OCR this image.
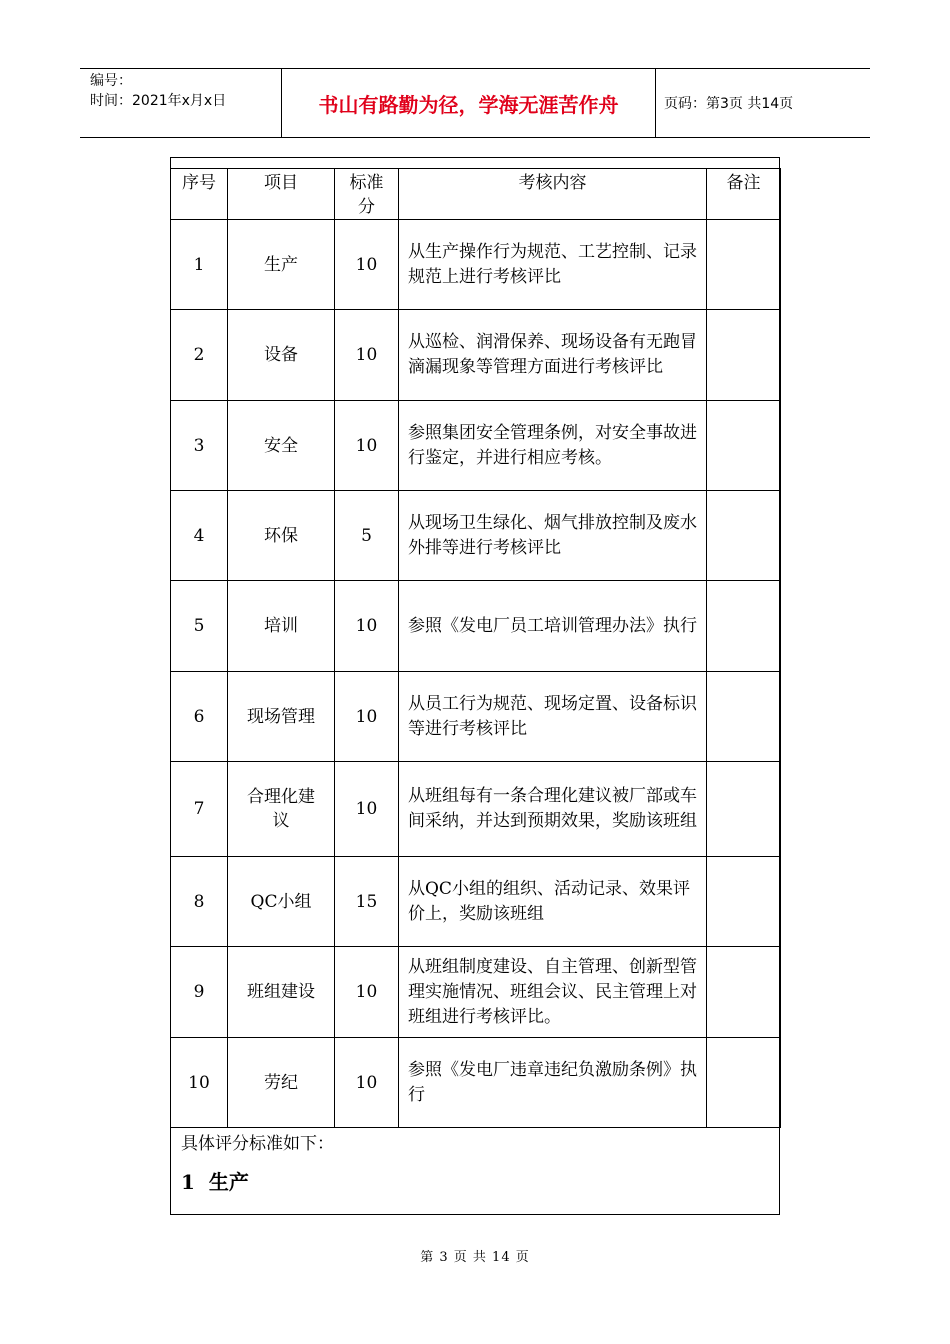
编号：
时间：2021年x月x日	书山有路勤为径，学海无涯苦作舟	页码：第3页 共14页
序号	项目	标准分	考核内容	备注
1	生产	10	从生产操作行为规范、工艺控制、记录规范上进行考核评比	
2	设备	10	从巡检、润滑保养、现场设备有无跑冒滴漏现象等管理方面进行考核评比	
3	安全	10	参照集团安全管理条例，对安全事故进行鉴定，并进行相应考核。	
4	环保	5	从现场卫生绿化、烟气排放控制及废水外排等进行考核评比	
5	培训	10	参照《发电厂员工培训管理办法》执行	
6	现场管理	10	从员工行为规范、现场定置、设备标识等进行考核评比	
7	合理化建议	10	从班组每有一条合理化建议被厂部或车间采纳，并达到预期效果，奖励该班组	
8	QC小组	15	从QC小组的组织、活动记录、效果评价上，奖励该班组	
9	班组建设	10	从班组制度建设、自主管理、创新型管理实施情况、班组会议、民主管理上对班组进行考核评比。	
10	劳纪	10	参照《发电厂违章违纪负激励条例》执行	
具体评分标准如下：
1 生产
第 3 页 共 14 页
